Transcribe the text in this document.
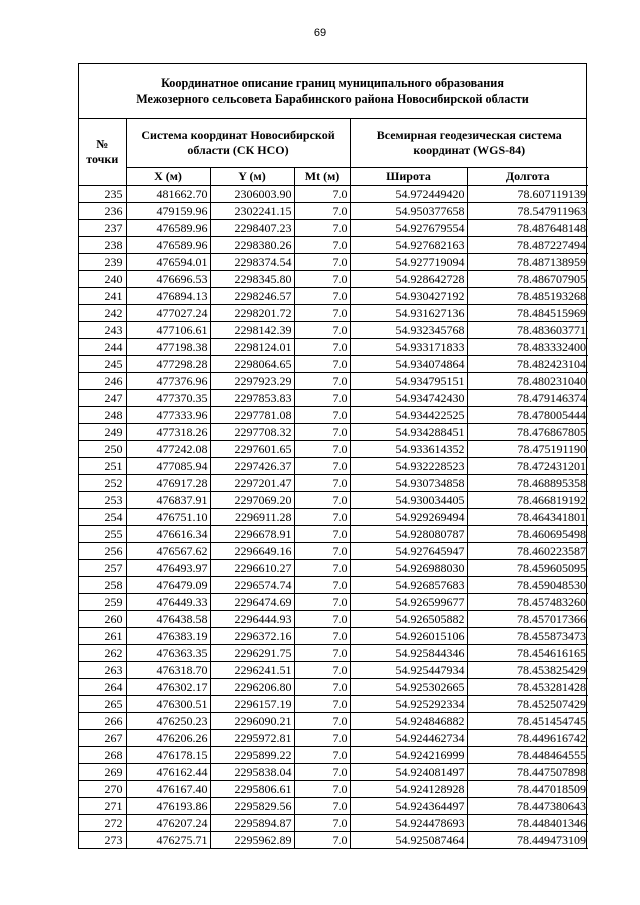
69
Координатное описание границ муниципального образования
Межозерного сельсовета Барабинского района Новосибирской области
№
точки	Система координат Новосибирской области (СК НСО)			Всемирная геодезическая система координат (WGS-84)	
	X (м)	Y (м)	Mt (м)	Широта	Долгота
235	481662.70	2306003.90	7.0	54.972449420	78.607119139
236	479159.96	2302241.15	7.0	54.950377658	78.547911963
237	476589.96	2298407.23	7.0	54.927679554	78.487648148
238	476589.96	2298380.26	7.0	54.927682163	78.487227494
239	476594.01	2298374.54	7.0	54.927719094	78.487138959
240	476696.53	2298345.80	7.0	54.928642728	78.486707905
241	476894.13	2298246.57	7.0	54.930427192	78.485193268
242	477027.24	2298201.72	7.0	54.931627136	78.484515969
243	477106.61	2298142.39	7.0	54.932345768	78.483603771
244	477198.38	2298124.01	7.0	54.933171833	78.483332400
245	477298.28	2298064.65	7.0	54.934074864	78.482423104
246	477376.96	2297923.29	7.0	54.934795151	78.480231040
247	477370.35	2297853.83	7.0	54.934742430	78.479146374
248	477333.96	2297781.08	7.0	54.934422525	78.478005444
249	477318.26	2297708.32	7.0	54.934288451	78.476867805
250	477242.08	2297601.65	7.0	54.933614352	78.475191190
251	477085.94	2297426.37	7.0	54.932228523	78.472431201
252	476917.28	2297201.47	7.0	54.930734858	78.468895358
253	476837.91	2297069.20	7.0	54.930034405	78.466819192
254	476751.10	2296911.28	7.0	54.929269494	78.464341801
255	476616.34	2296678.91	7.0	54.928080787	78.460695498
256	476567.62	2296649.16	7.0	54.927645947	78.460223587
257	476493.97	2296610.27	7.0	54.926988030	78.459605095
258	476479.09	2296574.74	7.0	54.926857683	78.459048530
259	476449.33	2296474.69	7.0	54.926599677	78.457483260
260	476438.58	2296444.93	7.0	54.926505882	78.457017366
261	476383.19	2296372.16	7.0	54.926015106	78.455873473
262	476363.35	2296291.75	7.0	54.925844346	78.454616165
263	476318.70	2296241.51	7.0	54.925447934	78.453825429
264	476302.17	2296206.80	7.0	54.925302665	78.453281428
265	476300.51	2296157.19	7.0	54.925292334	78.452507429
266	476250.23	2296090.21	7.0	54.924846882	78.451454745
267	476206.26	2295972.81	7.0	54.924462734	78.449616742
268	476178.15	2295899.22	7.0	54.924216999	78.448464555
269	476162.44	2295838.04	7.0	54.924081497	78.447507898
270	476167.40	2295806.61	7.0	54.924128928	78.447018509
271	476193.86	2295829.56	7.0	54.924364497	78.447380643
272	476207.24	2295894.87	7.0	54.924478693	78.448401346
273	476275.71	2295962.89	7.0	54.925087464	78.449473109
